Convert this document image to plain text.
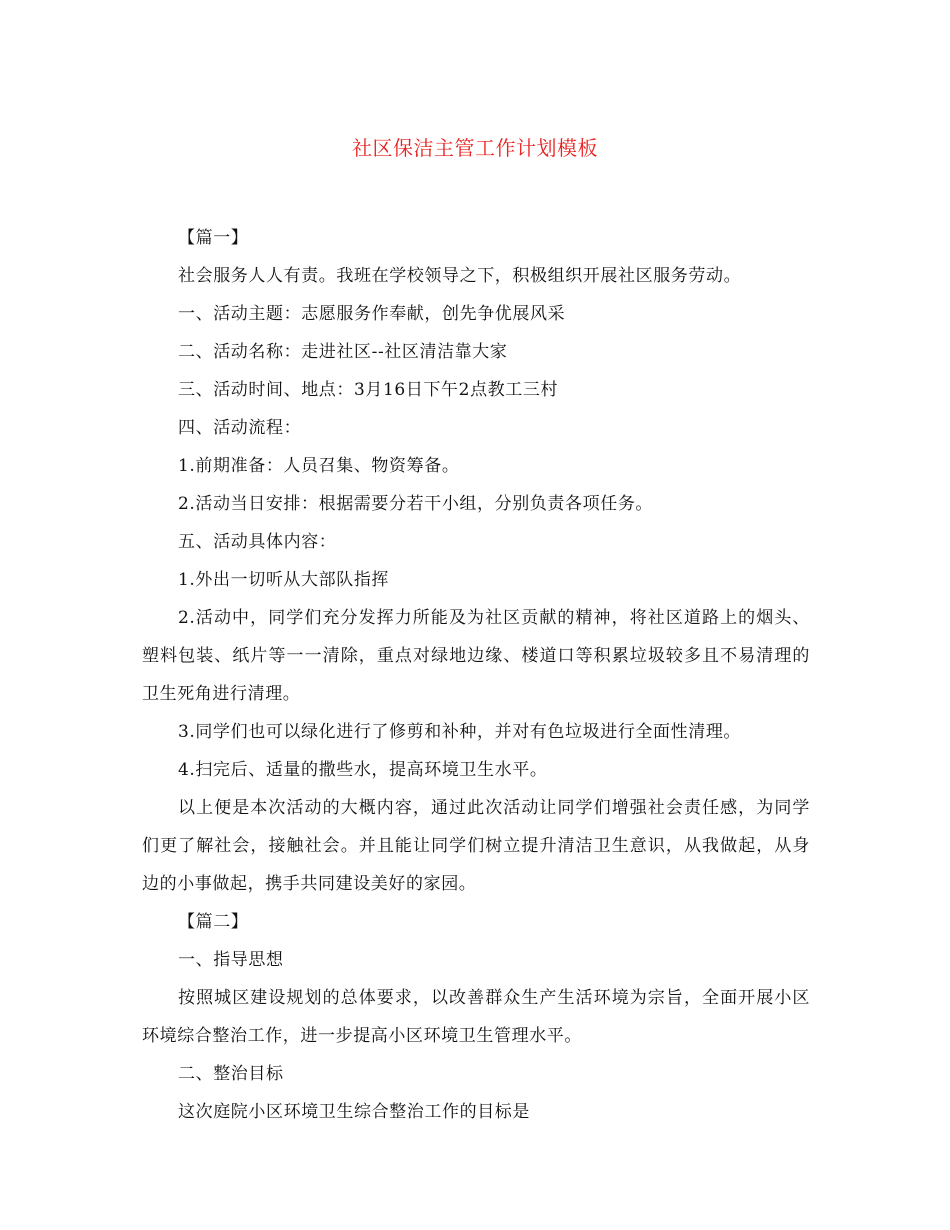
社区保洁主管工作计划模板

【篇一】

社会服务人人有责。我班在学校领导之下，积极组织开展社区服务劳动。

一、活动主题：志愿服务作奉献，创先争优展风采

二、活动名称：走进社区--社区清洁靠大家

三、活动时间、地点：3月16日下午2点教工三村

四、活动流程：

1.前期准备：人员召集、物资筹备。

2.活动当日安排：根据需要分若干小组，分别负责各项任务。

五、活动具体内容：

1.外出一切听从大部队指挥

2.活动中，同学们充分发挥力所能及为社区贡献的精神，将社区道路上的烟头、塑料包装、纸片等一一清除，重点对绿地边缘、楼道口等积累垃圾较多且不易清理的卫生死角进行清理。

3.同学们也可以绿化进行了修剪和补种，并对有色垃圾进行全面性清理。

4.扫完后、适量的撒些水，提高环境卫生水平。

以上便是本次活动的大概内容，通过此次活动让同学们增强社会责任感，为同学们更了解社会，接触社会。并且能让同学们树立提升清洁卫生意识，从我做起，从身边的小事做起，携手共同建设美好的家园。

【篇二】

一、指导思想

按照城区建设规划的总体要求，以改善群众生产生活环境为宗旨，全面开展小区环境综合整治工作，进一步提高小区环境卫生管理水平。

二、整治目标

这次庭院小区环境卫生综合整治工作的目标是
